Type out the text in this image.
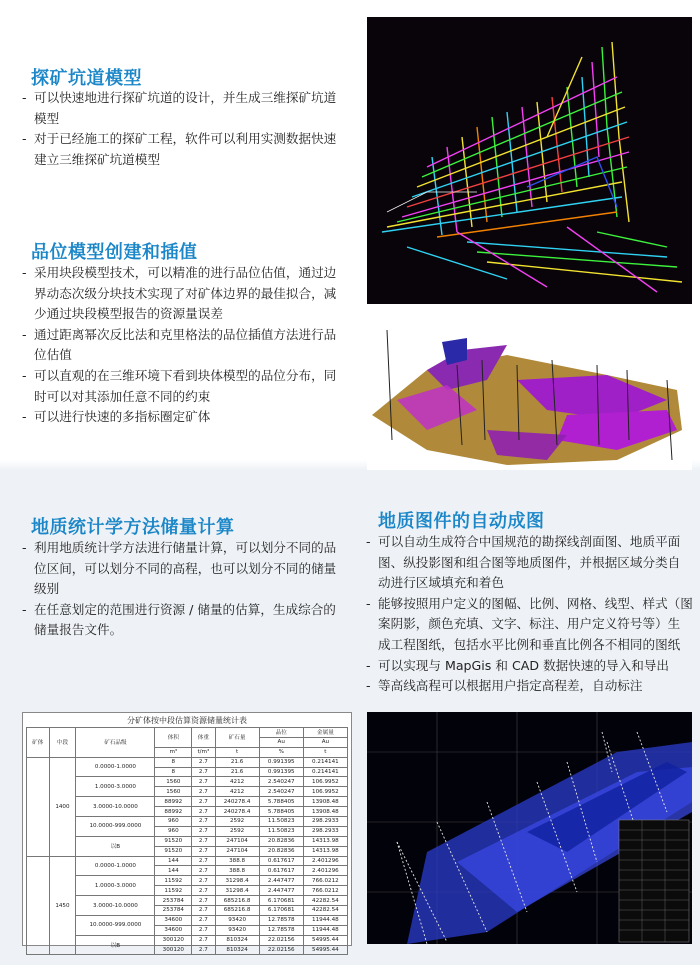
探矿坑道模型
- 可以快速地进行探矿坑道的设计，并生成三维探矿坑道
模型
- 对于已经施工的探矿工程，软件可以利用实测数据快速
建立三维探矿坑道模型
品位模型创建和插值
- 采用块段模型技术，可以精准的进行品位估值，通过边
界动态次级分块技术实现了对矿体边界的最佳拟合，减
少通过块段模型报告的资源量误差
- 通过距离幂次反比法和克里格法的品位插值方法进行品
位估值
- 可以直观的在三维环境下看到块体模型的品位分布，同
时可以对其添加任意不同的约束
- 可以进行快速的多指标圈定矿体
地质统计学方法储量计算
- 利用地质统计学方法进行储量计算，可以划分不同的品
位区间，可以划分不同的高程，也可以划分不同的储量
级别
- 在任意划定的范围进行资源 / 储量的估算，生成综合的
储量报告文件。
地质图件的自动成图
- 可以自动生成符合中国规范的勘探线剖面图、地质平面
图、纵投影图和组合图等地质图件，并根据区域分类自
动进行区域填充和着色
- 能够按照用户定义的图幅、比例、网格、线型、样式（图
案阴影，颜色充填、文字、标注、用户定义符号等）生
成工程图纸，包括水平比例和垂直比例各不相同的图纸
- 可以实现与 MapGis 和 CAD 数据快速的导入和导出
- 等高线高程可以根据用户指定高程差，自动标注
分矿体按中段估算资源储量统计表
矿体	中段	矿石品级	体积	体重	矿石量	品位	金属量
						Au	Au
			m³	t/m³	t	%	t
	1400	0.0000-1.0000	8	2.7	21.6	0.991395	0.214141
			8	2.7	21.6	0.991395	0.214141
		1.0000-3.0000	1560	2.7	4212	2.540247	106.9952
			1560	2.7	4212	2.540247	106.9952
		3.0000-10.0000	88992	2.7	240278.4	5.788405	13908.48
			88992	2.7	240278.4	5.788405	13908.48
		10.0000-999.0000	960	2.7	2592	11.50823	298.2933
			960	2.7	2592	11.50823	298.2933
		以B	91520	2.7	247104	20.82836	14313.98
			91520	2.7	247104	20.82836	14313.98
	1450	0.0000-1.0000	144	2.7	388.8	0.617617	2.401296
			144	2.7	388.8	0.617617	2.401296
		1.0000-3.0000	11592	2.7	31298.4	2.447477	766.0212
			11592	2.7	31298.4	2.447477	766.0212
		3.0000-10.0000	253784	2.7	685216.8	6.170681	42282.54
			253784	2.7	685216.8	6.170681	42282.54
		10.0000-999.0000	34600	2.7	93420	12.78578	11944.48
			34600	2.7	93420	12.78578	11944.48
		以B	300120	2.7	810324	22.02156	54995.44
			300120	2.7	810324	22.02156	54995.44
